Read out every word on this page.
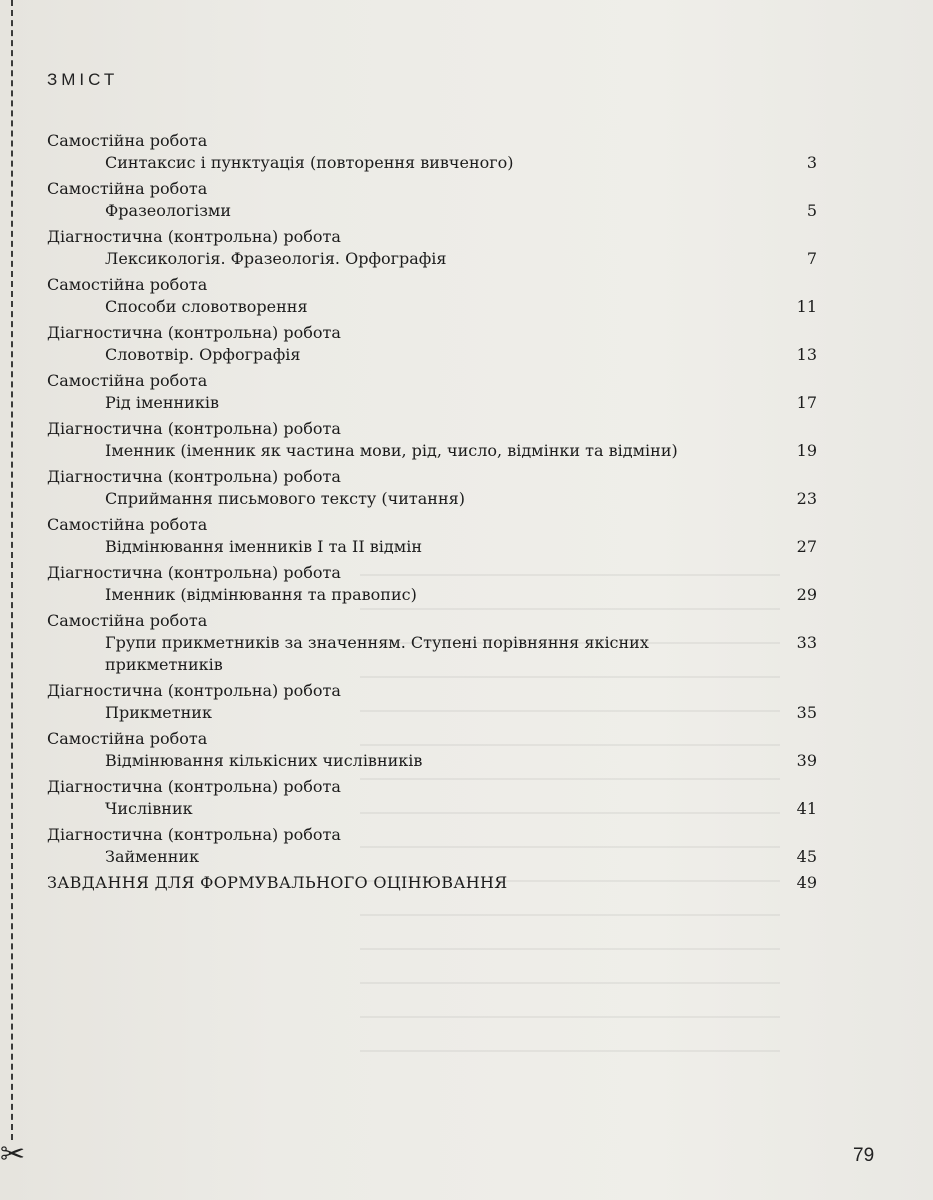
✂
ЗМІСТ
Самостійна робота
Синтаксис і пунктуація (повторення вивченого)	3
Самостійна робота
Фразеологізми	5
Діагностична (контрольна) робота
Лексикологія. Фразеологія. Орфографія	7
Самостійна робота
Способи словотворення	11
Діагностична (контрольна) робота
Словотвір. Орфографія	13
Самостійна робота
Рід іменників	17
Діагностична (контрольна) робота
Іменник (іменник як частина мови, рід, число, відмінки та відміни)	19
Діагностична (контрольна) робота
Сприймання письмового тексту (читання)	23
Самостійна робота
Відмінювання іменників I та II відмін	27
Діагностична (контрольна) робота
Іменник (відмінювання та правопис)	29
Самостійна робота
Групи прикметників за значенням. Ступені порівняння якісних прикметників
33
Діагностична (контрольна) робота
Прикметник	35
Самостійна робота
Відмінювання кількісних числівників	39
Діагностична (контрольна) робота
Числівник	41
Діагностична (контрольна) робота
Займенник	45
ЗАВДАННЯ ДЛЯ ФОРМУВАЛЬНОГО ОЦІНЮВАННЯ	49
79
